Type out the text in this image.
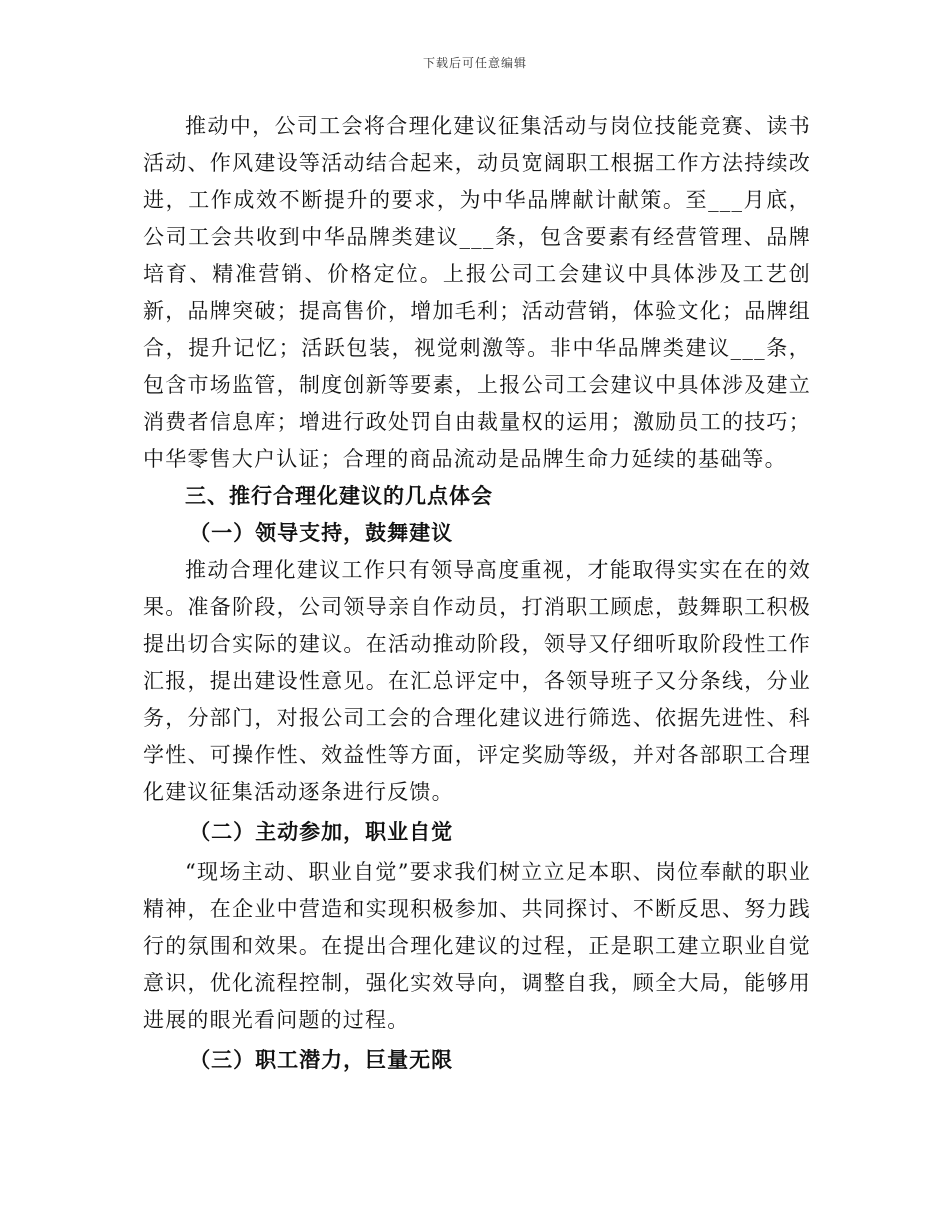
下载后可任意编辑

推动中，公司工会将合理化建议征集活动与岗位技能竞赛、读书活动、作风建设等活动结合起来，动员宽阔职工根据工作方法持续改进，工作成效不断提升的要求，为中华品牌献计献策。至___月底，公司工会共收到中华品牌类建议___条，包含要素有经营管理、品牌培育、精准营销、价格定位。上报公司工会建议中具体涉及工艺创新，品牌突破；提高售价，增加毛利；活动营销，体验文化；品牌组合，提升记忆；活跃包装，视觉刺激等。非中华品牌类建议___条，包含市场监管，制度创新等要素，上报公司工会建议中具体涉及建立消费者信息库；增进行政处罚自由裁量权的运用；激励员工的技巧；中华零售大户认证；合理的商品流动是品牌生命力延续的基础等。

三、推行合理化建议的几点体会
（一）领导支持，鼓舞建议

推动合理化建议工作只有领导高度重视，才能取得实实在在的效果。准备阶段，公司领导亲自作动员，打消职工顾虑，鼓舞职工积极提出切合实际的建议。在活动推动阶段，领导又仔细听取阶段性工作汇报，提出建设性意见。在汇总评定中，各领导班子又分条线，分业务，分部门，对报公司工会的合理化建议进行筛选、依据先进性、科学性、可操作性、效益性等方面，评定奖励等级，并对各部职工合理化建议征集活动逐条进行反馈。

（二）主动参加，职业自觉

“现场主动、职业自觉”要求我们树立立足本职、岗位奉献的职业精神，在企业中营造和实现积极参加、共同探讨、不断反思、努力践行的氛围和效果。在提出合理化建议的过程，正是职工建立职业自觉意识，优化流程控制，强化实效导向，调整自我，顾全大局，能够用进展的眼光看问题的过程。

（三）职工潜力，巨量无限
